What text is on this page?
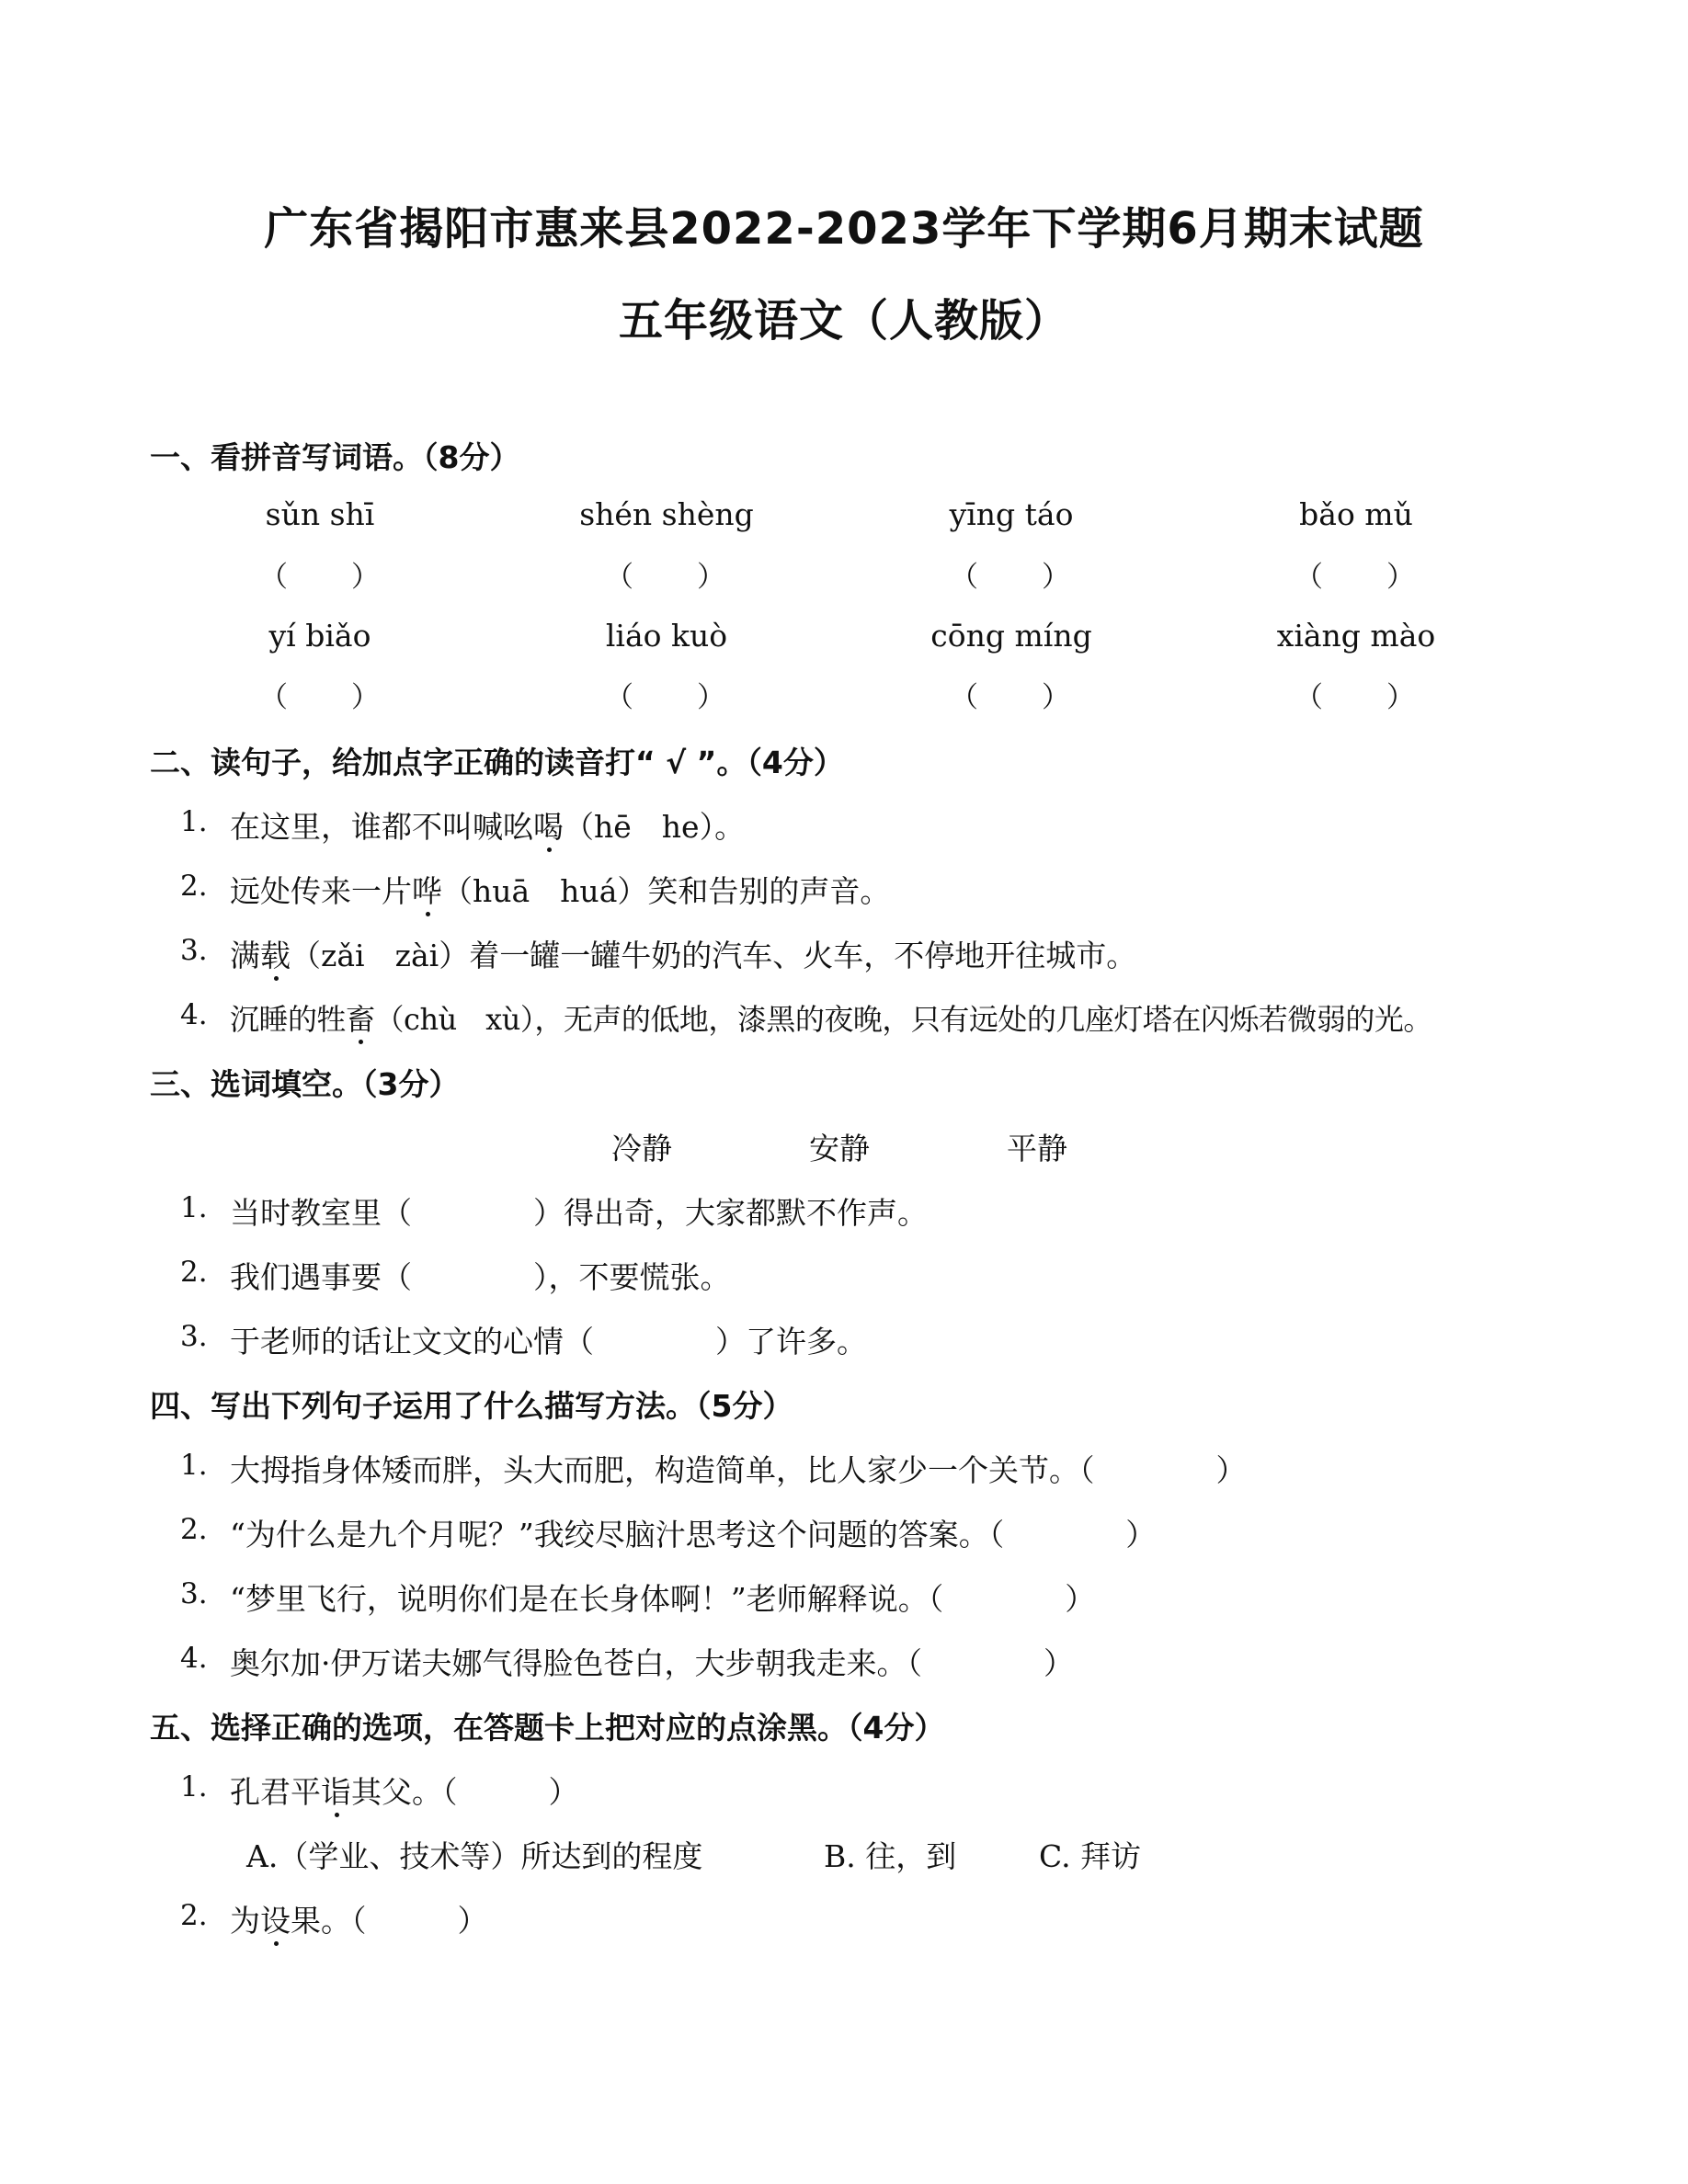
广东省揭阳市惠来县2022-2023学年下学期6月期末试题
五年级语文（人教版）
一、看拼音写词语。（8分）
sǔn shī	shén shèng	yīng táo	bǎo mǔ
（ ）	（ ）	（ ）	（ ）
yí biǎo	liáo kuò	cōng míng	xiàng mào
（ ）	（ ）	（ ）	（ ）
二、读句子，给加点字正确的读音打“ √ ”。（4分）
1. 在这里，谁都不叫喊吆喝（hē　he）。
2. 远处传来一片哗（huā　huá）笑和告别的声音。
3. 满载（zǎi　zài）着一罐一罐牛奶的汽车、火车，不停地开往城市。
4. 沉睡的牲畜（chù　xù），无声的低地，漆黑的夜晚，只有远处的几座灯塔在闪烁若微弱的光。
三、选词填空。（3分）
冷静	安静	平静
1. 当时教室里（　　　　）得出奇，大家都默不作声。
2. 我们遇事要（　　　　），不要慌张。
3. 于老师的话让文文的心情（　　　　）了许多。
四、写出下列句子运用了什么描写方法。（5分）
1. 大拇指身体矮而胖，头大而肥，构造简单，比人家少一个关节。（　　　　）
2. “为什么是九个月呢？”我绞尽脑汁思考这个问题的答案。（　　　　）
3. “梦里飞行，说明你们是在长身体啊！”老师解释说。（　　　　）
4. 奥尔加·伊万诺夫娜气得脸色苍白，大步朝我走来。（　　　　）
五、选择正确的选项，在答题卡上把对应的点涂黑。（4分）
1. 孔君平诣其父。（　　　）
A.（学业、技术等）所达到的程度	B. 往，到	C. 拜访
2. 为设果。（　　　）
